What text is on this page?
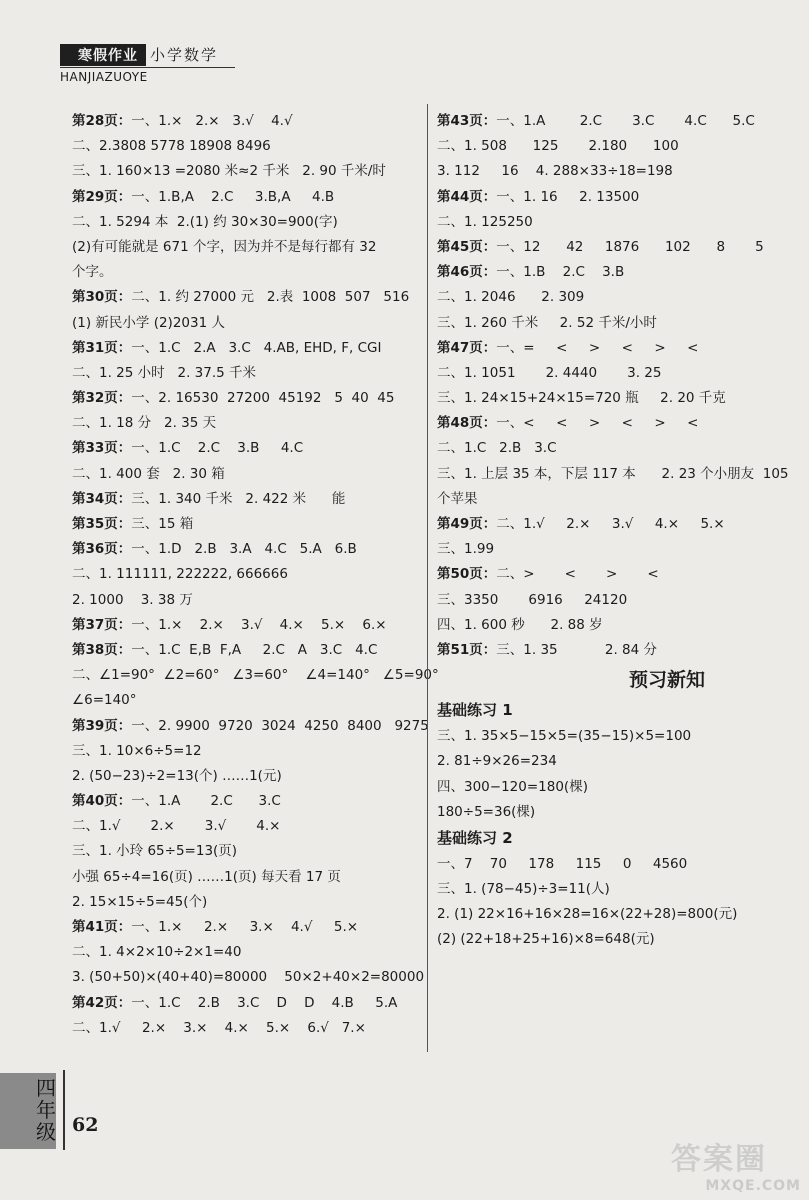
寒假作业 小学数学
HANJIAZUOYE
第28页：一、1.×   2.×   3.√    4.√
二、2.3808 5778 18908 8496
三、1. 160×13 =2080 米≈2 千米   2. 90 千米/时
第29页：一、1.B,A    2.C     3.B,A     4.B
二、1. 5294 本  2.(1) 约 30×30=900(字)
(2)有可能就是 671 个字，因为并不是每行都有 32
个字。
第30页：二、1. 约 27000 元   2.表  1008  507   516
(1) 新民小学 (2)2031 人
第31页：一、1.C   2.A   3.C   4.AB, EHD, F, CGI
二、1. 25 小时   2. 37.5 千米
第32页：一、2. 16530  27200  45192   5  40  45
二、1. 18 分   2. 35 天
第33页：一、1.C    2.C    3.B     4.C
二、1. 400 套   2. 30 箱
第34页：三、1. 340 千米   2. 422 米      能
第35页：三、15 箱
第36页：一、1.D   2.B   3.A   4.C   5.A   6.B
二、1. 111111, 222222, 666666
2. 1000    3. 38 万
第37页：一、1.×    2.×    3.√    4.×    5.×    6.×
第38页：一、1.C  E,B  F,A     2.C   A   3.C   4.C
二、∠1=90°  ∠2=60°   ∠3=60°    ∠4=140°   ∠5=90°
∠6=140°
第39页：一、2. 9900  9720  3024  4250  8400   9275
三、1. 10×6÷5=12
2. (50−23)÷2=13(个) ……1(元)
第40页：一、1.A       2.C      3.C
二、1.√       2.×       3.√       4.×
三、1. 小玲 65÷5=13(页)
小强 65÷4=16(页) ……1(页) 每天看 17 页
2. 15×15÷5=45(个)
第41页：一、1.×     2.×     3.×    4.√     5.×
二、1. 4×2×10÷2×1=40
3. (50+50)×(40+40)=80000    50×2+40×2=80000
第42页：一、1.C    2.B    3.C    D    D    4.B     5.A
二、1.√     2.×    3.×    4.×    5.×    6.√   7.×
第43页：一、1.A        2.C       3.C       4.C      5.C
二、1. 508      125       2.180      100
3. 112     16    4. 288×33÷18=198
第44页：一、1. 16     2. 13500
二、1. 125250
第45页：一、12      42     1876      102      8       5
第46页：一、1.B    2.C    3.B
二、1. 2046      2. 309
三、1. 260 千米     2. 52 千米/小时
第47页：一、=     <     >     <     >     <
二、1. 1051       2. 4440       3. 25
三、1. 24×15+24×15=720 瓶     2. 20 千克
第48页：一、<     <     >     <     >     <
二、1.C   2.B   3.C
三、1. 上层 35 本，下层 117 本      2. 23 个小朋友  105
个苹果
第49页：二、1.√     2.×     3.√     4.×     5.×
三、1.99
第50页：二、>       <       >       <
三、3350       6916     24120
四、1. 600 秒      2. 88 岁
第51页：三、1. 35           2. 84 分
预习新知
基础练习 1
三、1. 35×5−15×5=(35−15)×5=100
2. 81÷9×26=234
四、300−120=180(棵)
180÷5=36(棵)
基础练习 2
一、7    70     178     115     0     4560
三、1. (78−45)÷3=11(人)
2. (1) 22×16+16×28=16×(22+28)=800(元)
(2) (22+18+25+16)×8=648(元)
四年级 62
答案圈
MXQE.COM
